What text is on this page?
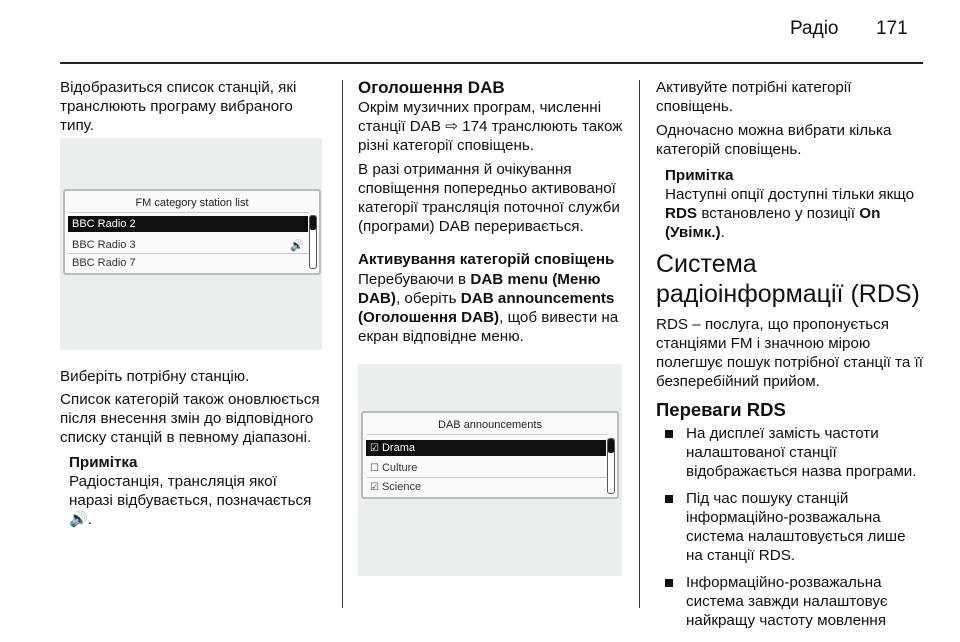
Радіо 171

Відобразиться список станцій, які транслюють програму вибраного типу.

FM category station list
BBC Radio 2
BBC Radio 3	🔊
BBC Radio 7

Виберіть потрібну станцію.

Список категорій також оновлюється після внесення змін до відповідного списку станцій в певному діапазоні.

Примітка
Радіостанція, трансляція якої наразі відбувається, позначається 🔊.
Оголошення DAB

Окрім музичних програм, численні станції DAB ⇨ 174 транслюють також різні категорії сповіщень.

В разі отримання й очікування сповіщення попередньо активованої категорії трансляція поточної служби (програми) DAB переривається.

Активування категорій сповіщень

Перебуваючи в DAB menu (Меню DAB), оберіть DAB announcements (Оголошення DAB), щоб вивести на екран відповідне меню.

DAB announcements
☑ Drama
☐ Culture
☑ Science

Активуйте потрібні категорії сповіщень.

Одночасно можна вибрати кілька категорій сповіщень.

Примітка
Наступні опції доступні тільки якщо RDS встановлено у позиції On (Увімк.).
Система радіоінформації (RDS)

RDS – послуга, що пропонується станціями FM і значною мірою полегшує пошук потрібної станції та її безперебійний прийом.

Переваги RDS
На дисплеї замість частоти налаштованої станції відображається назва програми.
Під час пошуку станцій інформаційно-розважальна система налаштовується лише на станції RDS.
Інформаційно-розважальна система завжди налаштовує найкращу частоту мовлення
